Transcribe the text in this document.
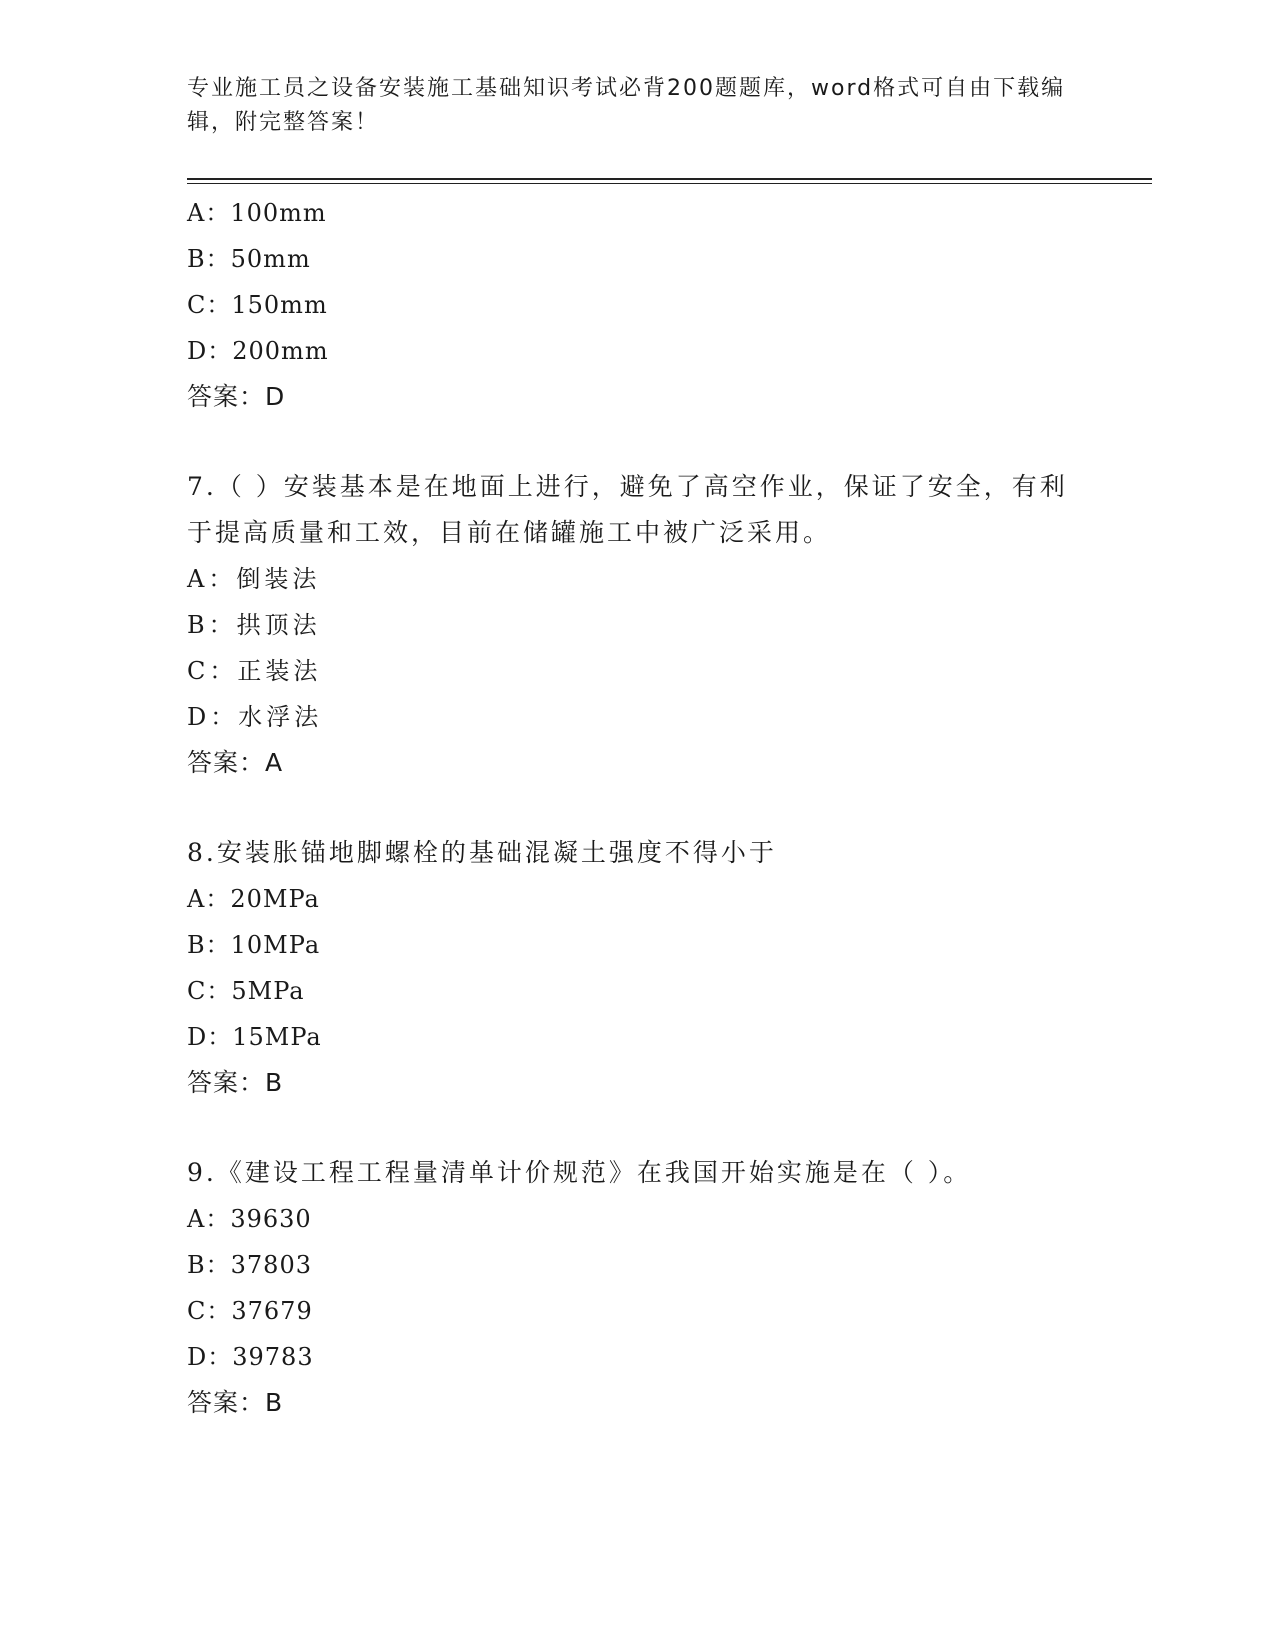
专业施工员之设备安装施工基础知识考试必背200题题库，word格式可自由下载编辑，附完整答案！
A：100mm
B：50mm
C：150mm
D：200mm
答案：D
7.（ ）安装基本是在地面上进行，避免了高空作业，保证了安全，有利于提高质量和工效，目前在储罐施工中被广泛采用。
A：倒装法
B：拱顶法
C：正装法
D：水浮法
答案：A
8.安装胀锚地脚螺栓的基础混凝土强度不得小于
A：20MPa
B：10MPa
C：5MPa
D：15MPa
答案：B
9.《建设工程工程量清单计价规范》在我国开始实施是在（ ）。
A：39630
B：37803
C：37679
D：39783
答案：B
